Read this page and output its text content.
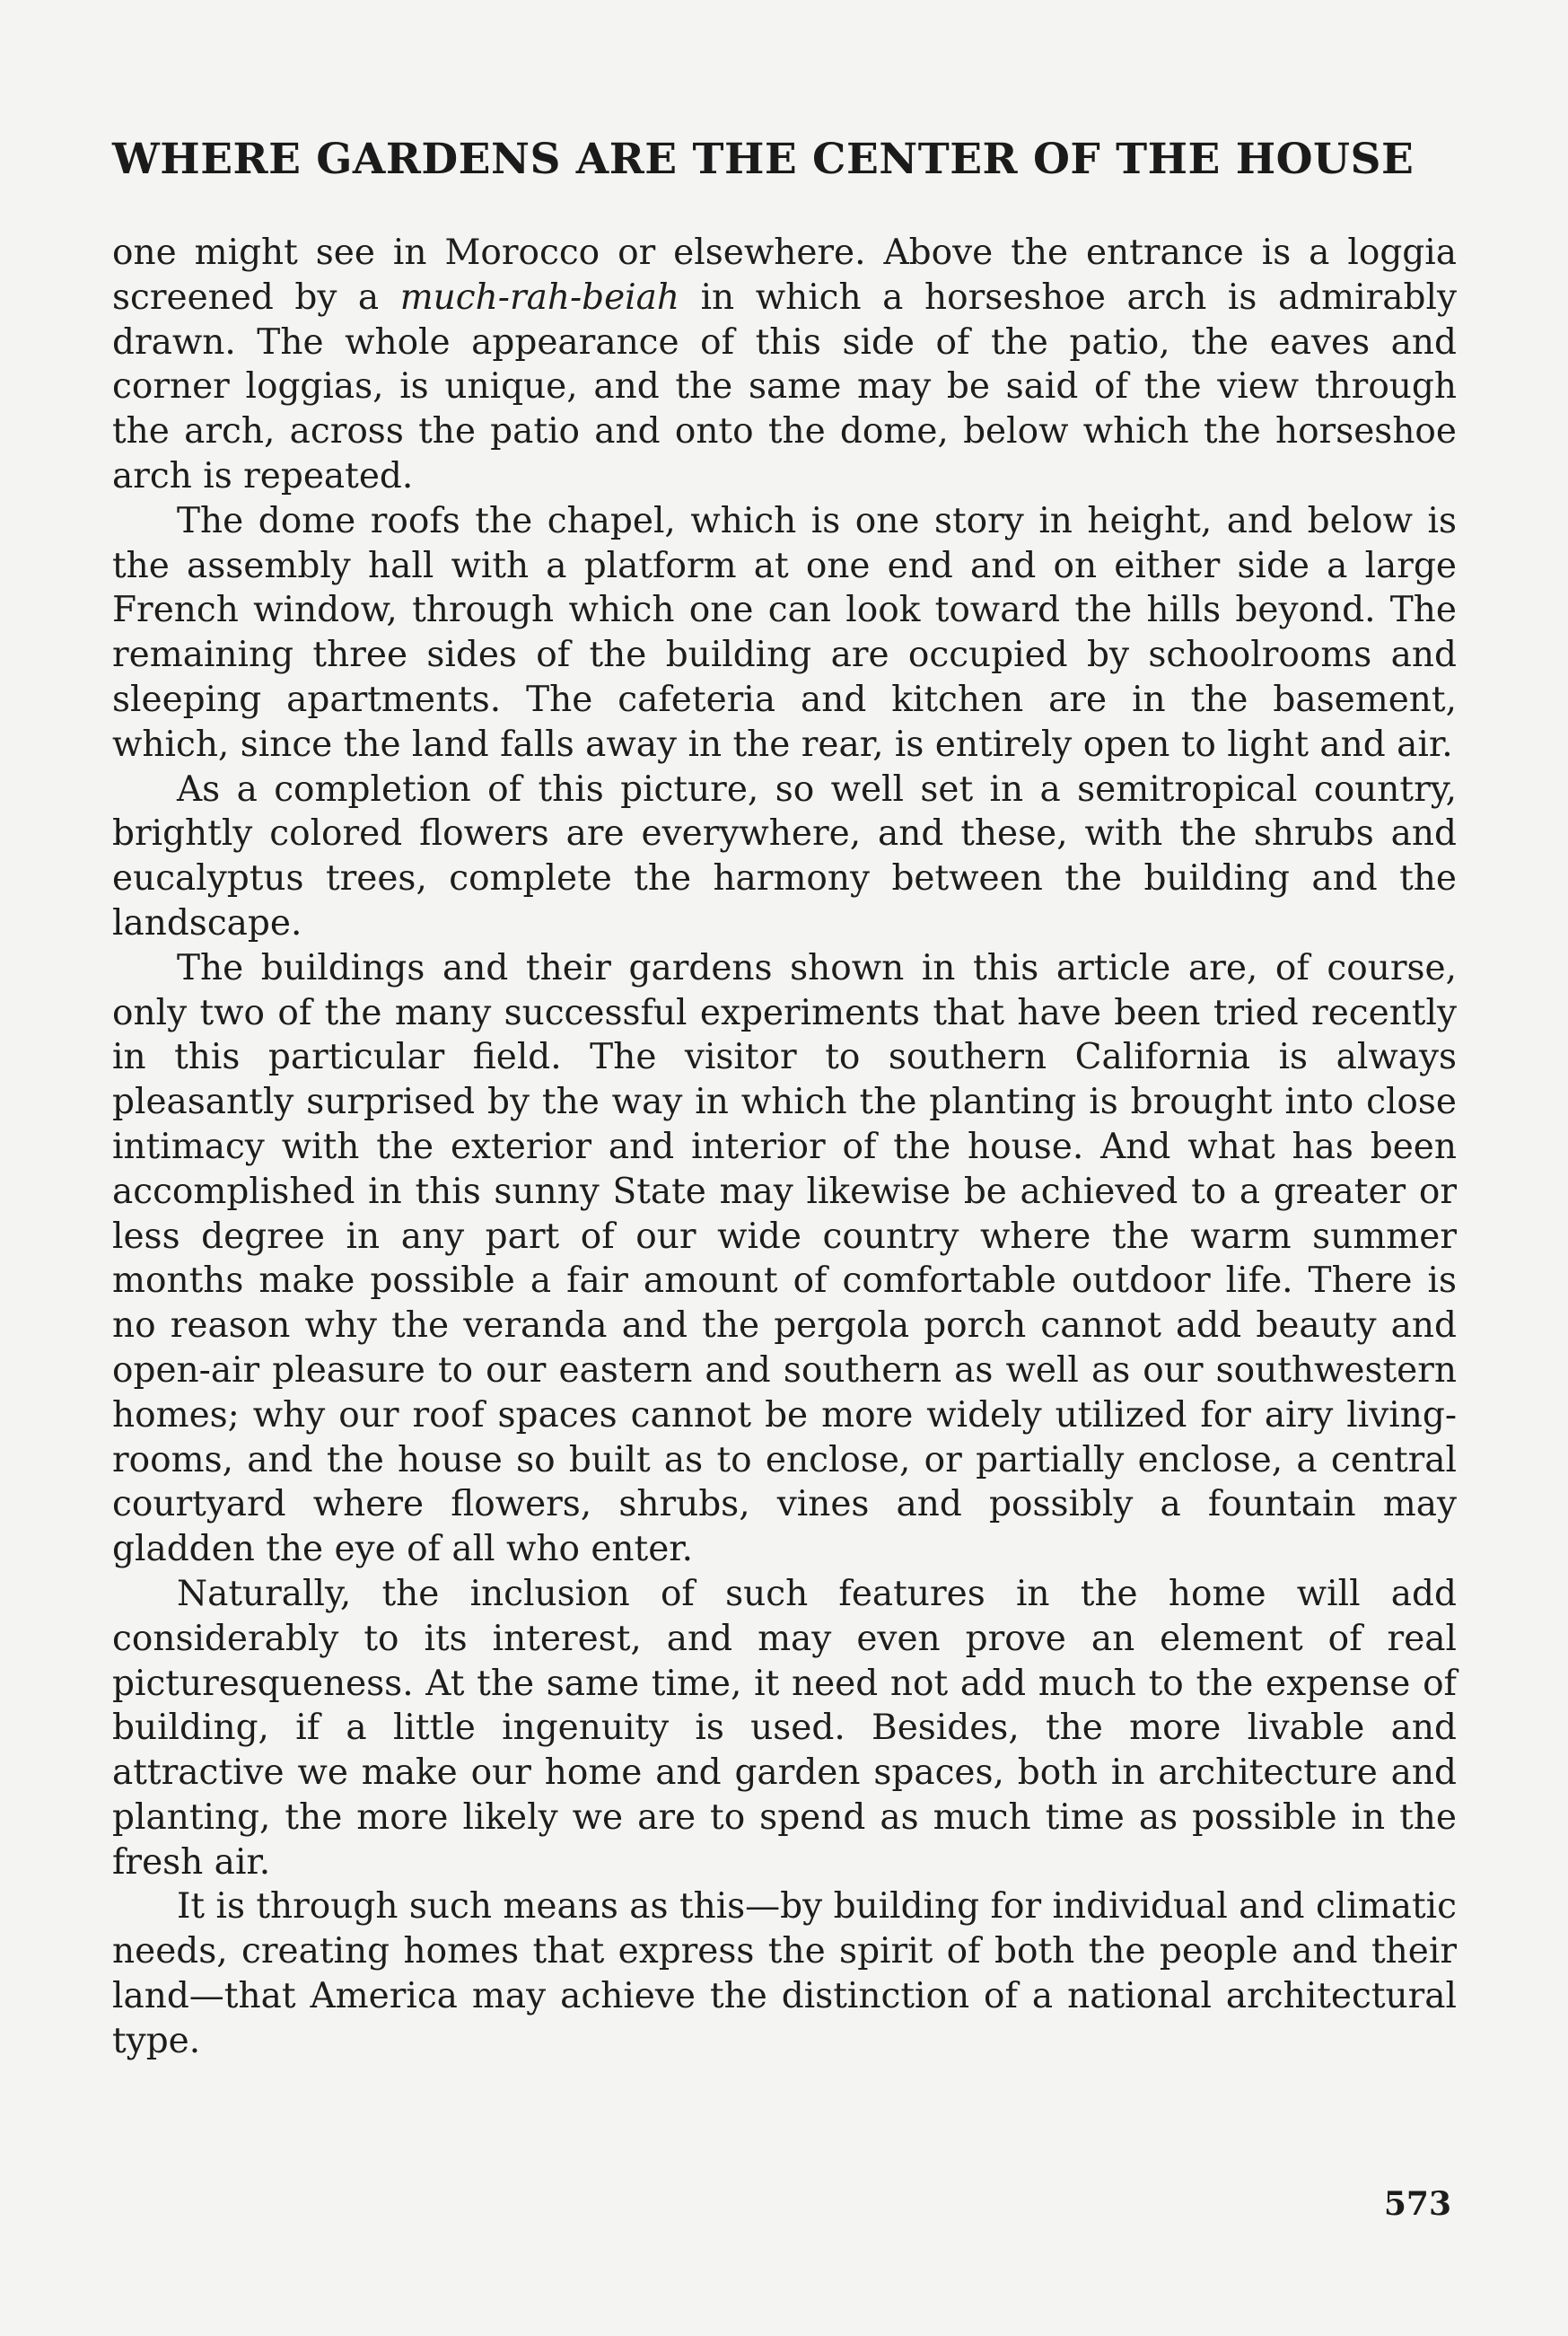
WHERE GARDENS ARE THE CENTER OF THE HOUSE

one might see in Morocco or elsewhere. Above the entrance is a loggia screened by a much-rah-beiah in which a horseshoe arch is admirably drawn. The whole appearance of this side of the patio, the eaves and corner loggias, is unique, and the same may be said of the view through the arch, across the patio and onto the dome, below which the horseshoe arch is repeated.

The dome roofs the chapel, which is one story in height, and below is the assembly hall with a platform at one end and on either side a large French window, through which one can look toward the hills beyond. The remaining three sides of the building are occupied by schoolrooms and sleeping apartments. The cafeteria and kitchen are in the basement, which, since the land falls away in the rear, is entirely open to light and air.

As a completion of this picture, so well set in a semitropical country, brightly colored flowers are everywhere, and these, with the shrubs and eucalyptus trees, complete the harmony between the building and the landscape.

The buildings and their gardens shown in this article are, of course, only two of the many successful experiments that have been tried recently in this particular field. The visitor to southern California is always pleasantly surprised by the way in which the planting is brought into close intimacy with the exterior and interior of the house. And what has been accomplished in this sunny State may likewise be achieved to a greater or less degree in any part of our wide country where the warm summer months make possible a fair amount of comfortable outdoor life. There is no reason why the veranda and the pergola porch cannot add beauty and open-air pleasure to our eastern and southern as well as our southwestern homes; why our roof spaces cannot be more widely utilized for airy living-rooms, and the house so built as to enclose, or partially enclose, a central courtyard where flowers, shrubs, vines and possibly a fountain may gladden the eye of all who enter.

Naturally, the inclusion of such features in the home will add considerably to its interest, and may even prove an element of real picturesqueness. At the same time, it need not add much to the expense of building, if a little ingenuity is used. Besides, the more livable and attractive we make our home and garden spaces, both in architecture and planting, the more likely we are to spend as much time as possible in the fresh air.

It is through such means as this—by building for individual and climatic needs, creating homes that express the spirit of both the people and their land—that America may achieve the distinction of a national architectural type.

573
